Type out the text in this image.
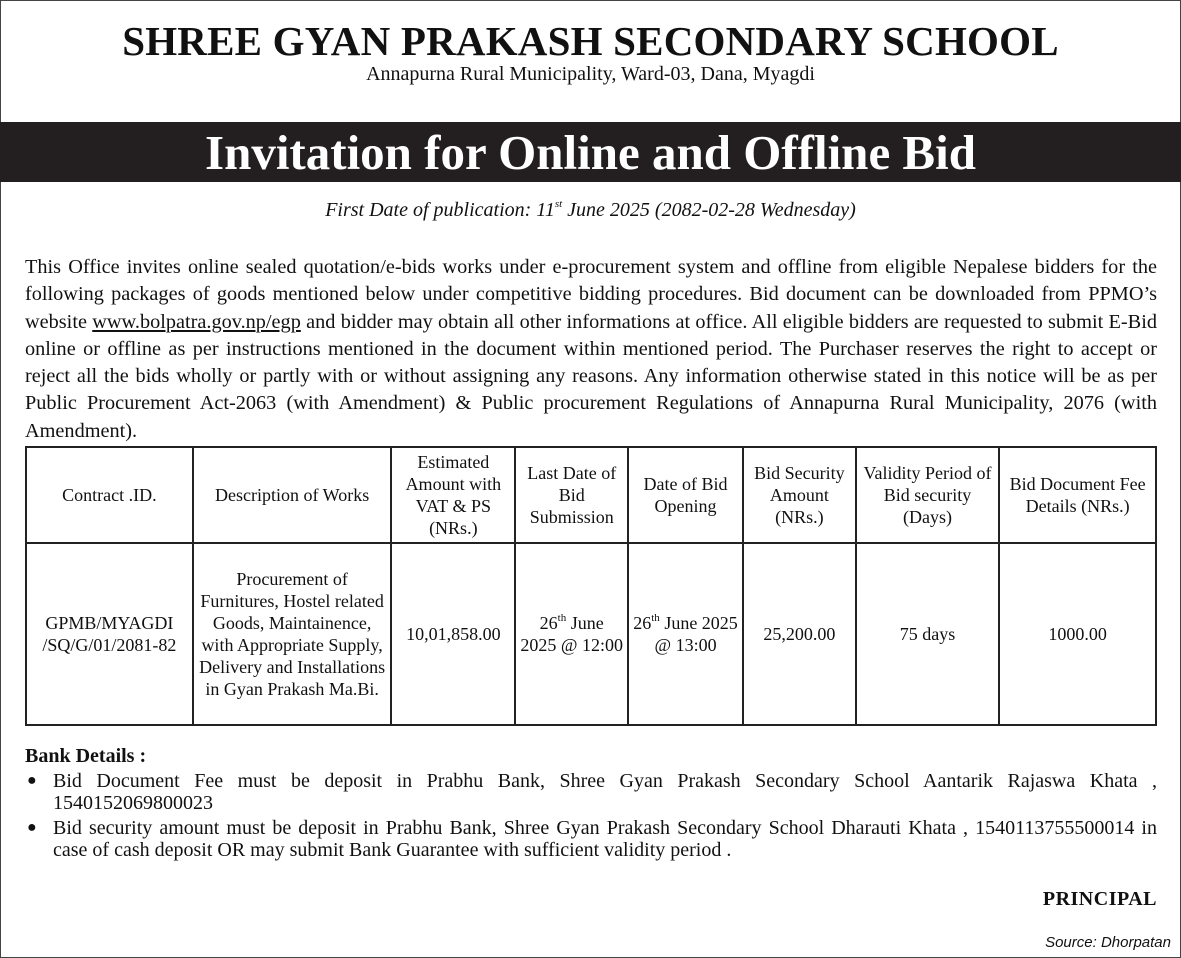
SHREE GYAN PRAKASH SECONDARY SCHOOL
Annapurna Rural Municipality, Ward-03, Dana, Myagdi
Invitation for Online and Offline Bid
First Date of publication: 11st June 2025 (2082-02-28 Wednesday)
This Office invites online sealed quotation/e-bids works under e-procurement system and offline from eligible Nepalese bidders for the following packages of goods mentioned below under competitive bidding procedures. Bid document can be downloaded from PPMO’s website www.bolpatra.gov.np/egp and bidder may obtain all other informations at office. All eligible bidders are requested to submit E-Bid online or offline as per instructions mentioned in the document within mentioned period. The Purchaser reserves the right to accept or reject all the bids wholly or partly with or without assigning any reasons. Any information otherwise stated in this notice will be as per Public Procurement Act-2063 (with Amendment) & Public procurement Regulations of Annapurna Rural Municipality, 2076 (with Amendment).
Contract .ID.	Description of Works	Estimated Amount with VAT & PS (NRs.)	Last Date of Bid Submission	Date of Bid Opening	Bid Security Amount (NRs.)	Validity Period of Bid security (Days)	Bid Document Fee Details (NRs.)
GPMB/MYAGDI /SQ/G/01/2081-82	Procurement of Furnitures, Hostel related Goods, Maintainence, with Appropriate Supply, Delivery and Installations in Gyan Prakash Ma.Bi.	10,01,858.00	26th June 2025 @ 12:00	26th June 2025 @ 13:00	25,200.00	75 days	1000.00
Bank Details :
● Bid Document Fee must be deposit in Prabhu Bank, Shree Gyan Prakash Secondary School Aantarik Rajaswa Khata , 1540152069800023
● Bid security amount must be deposit in Prabhu Bank, Shree Gyan Prakash Secondary School Dharauti Khata , 1540113755500014 in case of cash deposit OR may submit Bank Guarantee with sufficient validity period .
PRINCIPAL
Source: Dhorpatan
